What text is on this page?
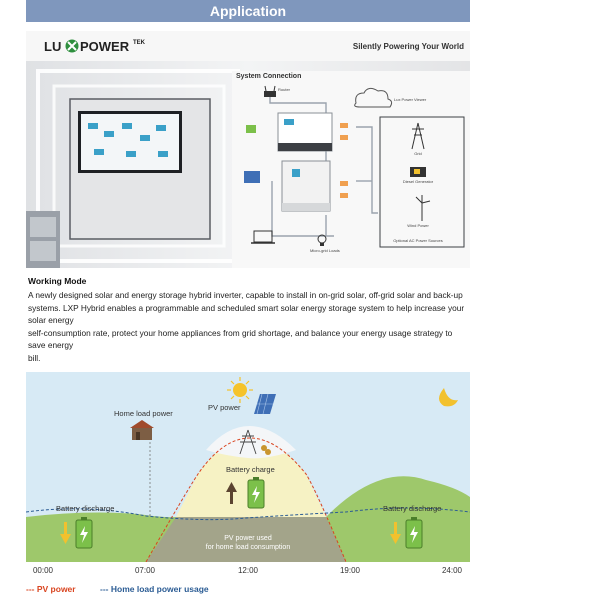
Application
LU POWER TEK	Silently Powering Your World
System Connection
Router
Lux Power Viewer
Micro-grid Loads
Grid
Diesel Generator
Wind Power
Optional AC Power Sources
Working Mode
A newly designed solar and energy storage hybrid inverter, capable to install in on-grid solar, off-grid solar and back-up
systems. LXP Hybrid enables a programmable and scheduled smart solar energy storage system to help increase your
solar energy
self-consumption rate, protect your home appliances from grid shortage, and balance your energy usage strategy to
save energy
bill.
Home load power
PV power
Battery charge
Battery discharge	Battery discharge
PV power used
for home load consumption
00:00	07:00	12:00	19:00	24:00
--- PV power	--- Home load power usage
